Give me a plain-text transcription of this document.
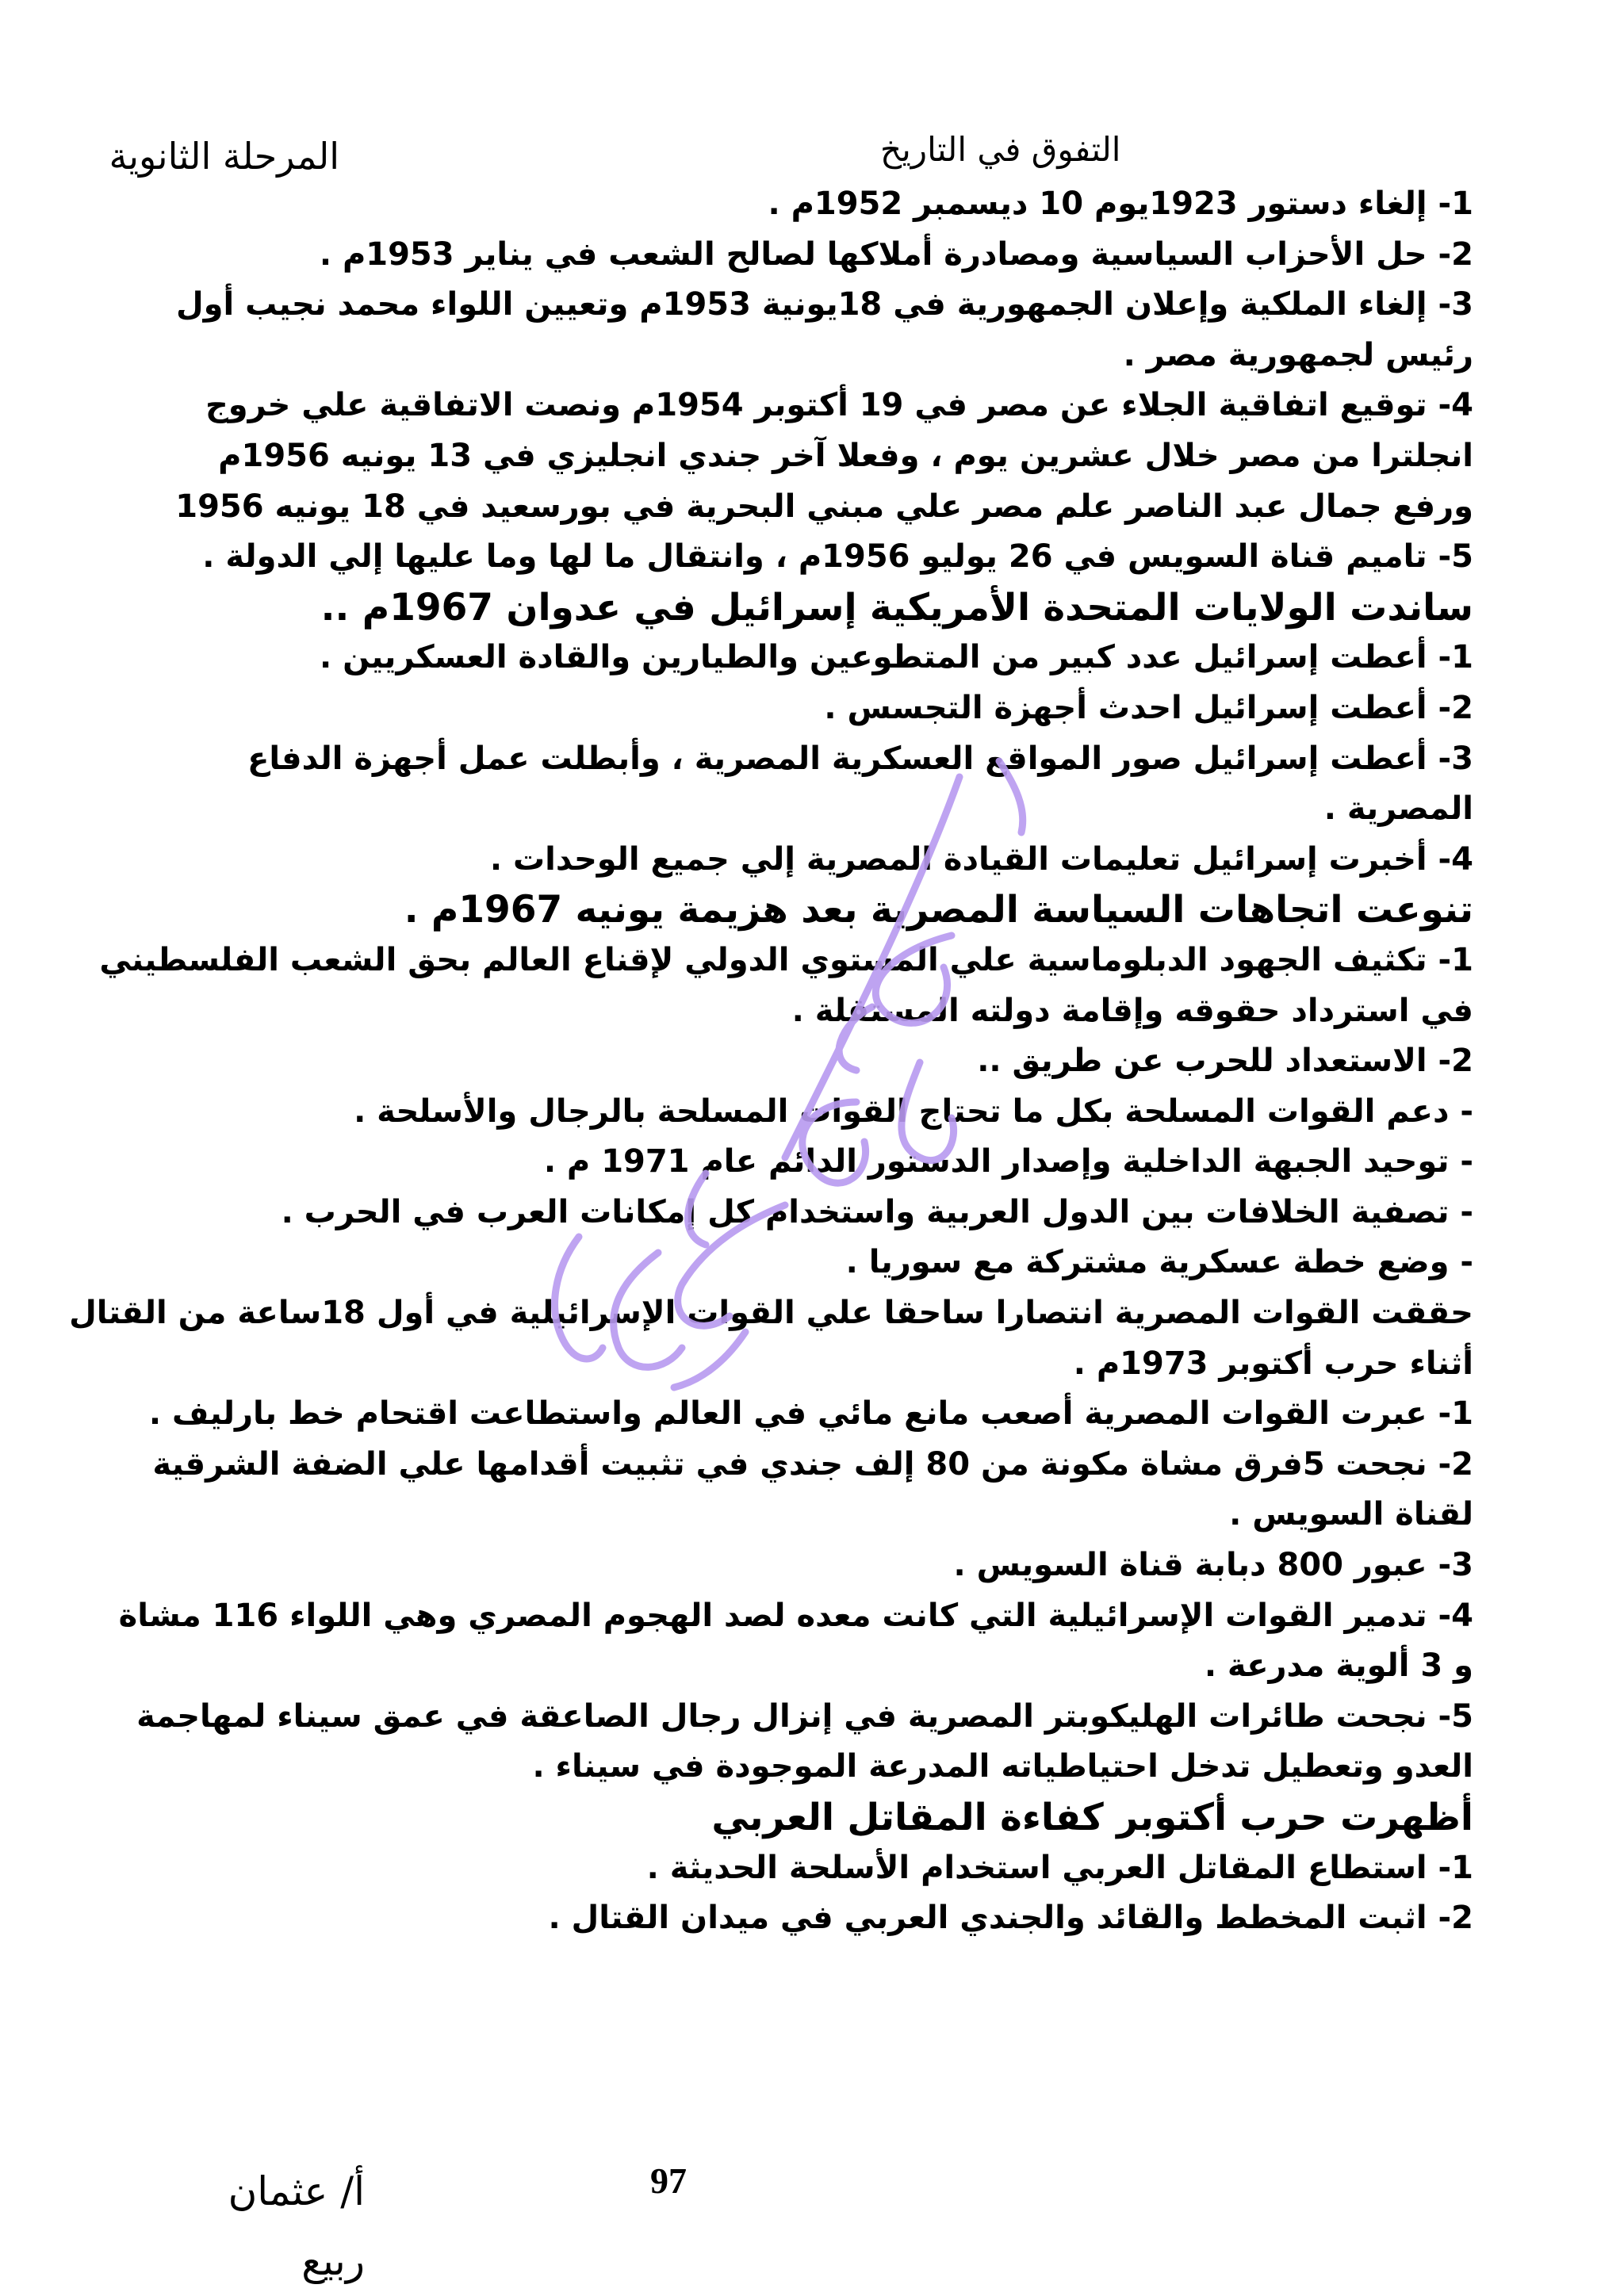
التفوق في التاريخ
المرحلة الثانوية
1- إلغاء دستور 1923يوم 10 ديسمبر 1952م .
2- حل الأحزاب السياسية ومصادرة أملاكها لصالح الشعب في يناير 1953م .
3- إلغاء الملكية وإعلان الجمهورية في 18يونية 1953م وتعيين اللواء محمد نجيب أول
رئيس لجمهورية مصر .
4- توقيع اتفاقية الجلاء عن مصر في 19 أكتوبر 1954م ونصت الاتفاقية علي خروج
انجلترا من مصر خلال عشرين يوم ، وفعلا آخر جندي انجليزي في 13 يونيه 1956م
ورفع جمال عبد الناصر علم مصر علي مبني البحرية في بورسعيد في 18 يونيه 1956
5- تاميم قناة السويس في 26 يوليو 1956م ، وانتقال ما لها وما عليها إلي الدولة .
ساندت الولايات المتحدة الأمريكية إسرائيل في عدوان 1967م ..
1- أعطت إسرائيل عدد كبير من المتطوعين والطيارين والقادة العسكريين .
2- أعطت إسرائيل احدث أجهزة التجسس .
3- أعطت إسرائيل صور المواقع العسكرية المصرية ، وأبطلت عمل أجهزة الدفاع
المصرية .
4- أخبرت إسرائيل تعليمات القيادة المصرية إلي جميع الوحدات .
تنوعت اتجاهات السياسة المصرية بعد هزيمة يونيه 1967م .
1- تكثيف الجهود الدبلوماسية علي المستوي الدولي لإقناع العالم بحق الشعب الفلسطيني
في استرداد حقوقه وإقامة دولته المستقلة .
2- الاستعداد للحرب عن طريق ..
- دعم القوات المسلحة بكل ما تحتاج القوات المسلحة بالرجال والأسلحة .
- توحيد الجبهة الداخلية وإصدار الدستور الدائم عام 1971 م .
- تصفية الخلافات بين الدول العربية واستخدام كل إمكانات العرب في الحرب .
- وضع خطة عسكرية مشتركة مع سوريا .
حققت القوات المصرية انتصارا ساحقا علي القوات الإسرائيلية في أول 18ساعة من القتال
أثناء حرب أكتوبر 1973م .
1- عبرت القوات المصرية أصعب مانع مائي في العالم واستطاعت اقتحام خط بارليف .
2- نجحت 5فرق مشاة مكونة من 80 إلف جندي في تثبيت أقدامها علي الضفة الشرقية
لقناة السويس .
3- عبور 800 دبابة قناة السويس .
4- تدمير القوات الإسرائيلية التي كانت معده لصد الهجوم المصري وهي اللواء 116 مشاة
و 3 ألوية مدرعة .
5- نجحت طائرات الهليكوبتر المصرية في إنزال رجال الصاعقة في عمق سيناء لمهاجمة
العدو وتعطيل تدخل احتياطياته المدرعة الموجودة في سيناء .
أظهرت حرب أكتوبر كفاءة المقاتل العربي
1- استطاع المقاتل العربي استخدام الأسلحة الحديثة .
2- اثبت المخطط والقائد والجندي العربي في ميدان القتال .
97
أ/ عثمان
ربيع
